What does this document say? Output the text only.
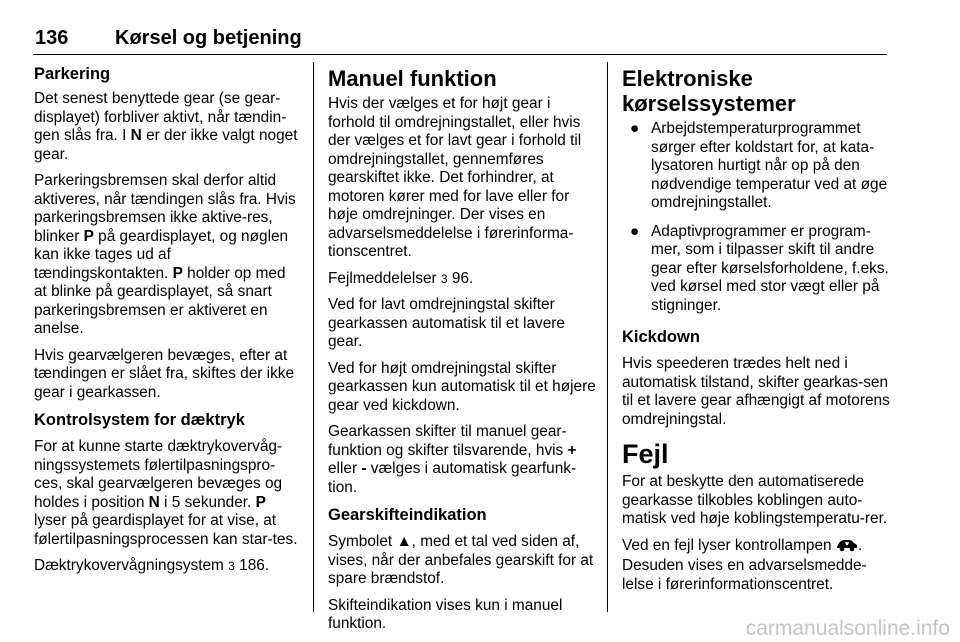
136 Kørsel og betjening
Parkering

Det senest benyttede gear (se gear-displayet) forbliver aktivt, når tændin-gen slås fra. I N er der ikke valgt noget gear.

Parkeringsbremsen skal derfor altid aktiveres, når tændingen slås fra. Hvis parkeringsbremsen ikke aktive-res, blinker P på geardisplayet, og nøglen kan ikke tages ud af tændingskontakten. P holder op med at blinke på geardisplayet, så snart parkeringsbremsen er aktiveret en anelse.

Hvis gearvælgeren bevæges, efter at tændingen er slået fra, skiftes der ikke gear i gearkassen.

Kontrolsystem for dæktryk

For at kunne starte dæktrykovervåg-ningssystemets følertilpasningspro-ces, skal gearvælgeren bevæges og holdes i position N i 5 sekunder. P lyser på geardisplayet for at vise, at følertilpasningsprocessen kan star-tes.

Dæktrykovervågningsystem 3 186.

Manuel funktion

Hvis der vælges et for højt gear i forhold til omdrejningstallet, eller hvis der vælges et for lavt gear i forhold til omdrejningstallet, gennemføres gearskiftet ikke. Det forhindrer, at motoren kører med for lave eller for høje omdrejninger. Der vises en advarselsmeddelelse i førerinforma-tionscentret.

Fejlmeddelelser 3 96.

Ved for lavt omdrejningstal skifter gearkassen automatisk til et lavere gear.

Ved for højt omdrejningstal skifter gearkassen kun automatisk til et højere gear ved kickdown.

Gearkassen skifter til manuel gear-funktion og skifter tilsvarende, hvis + eller - vælges i automatisk gearfunk-tion.

Gearskifteindikation

Symbolet ▲, med et tal ved siden af, vises, når der anbefales gearskift for at spare brændstof.

Skifteindikation vises kun i manuel funktion.

Elektroniske kørselssystemer
● Arbejdstemperaturprogrammet sørger efter koldstart for, at kata-lysatoren hurtigt når op på den nødvendige temperatur ved at øge omdrejningstallet.
● Adaptivprogrammer er program-mer, som i tilpasser skift til andre gear efter kørselsforholdene, f.eks. ved kørsel med stor vægt eller på stigninger.
Kickdown

Hvis speederen trædes helt ned i automatisk tilstand, skifter gearkas-sen til et lavere gear afhængigt af motorens omdrejningstal.

Fejl

For at beskytte den automatiserede gearkasse tilkobles koblingen auto-matisk ved høje koblingstemperatu-rer.

Ved en fejl lyser kontrollampen .
Desuden vises en advarselsmedde-lelse i førerinformationscentret.

carmanualsonline.info
